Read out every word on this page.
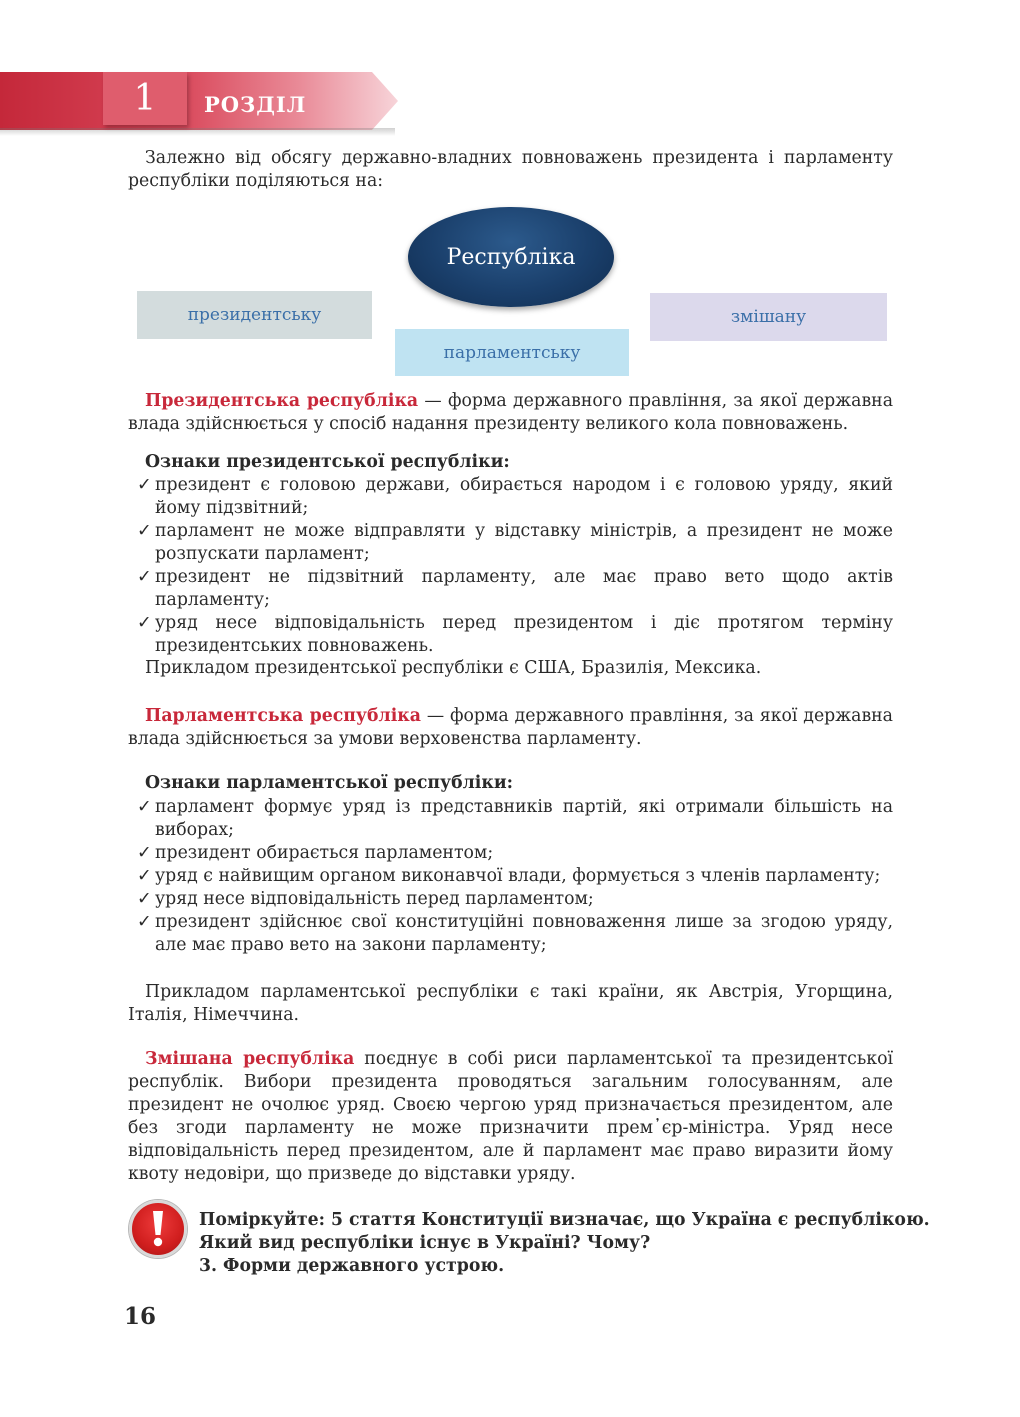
1	РОЗДІЛ

Залежно від обсягу державно-владних повноважень президента і парламенту республіки поділяються на:

Республіка
президентську
парламентську
змішану

Президентська республіка — форма державного правління, за якої державна влада здійснюється у спосіб надання президенту великого кола повноважень.

Ознаки президентської республіки:

✓ президент є головою держави, обирається народом і є головою уряду, який йому підзвітний;
✓ парламент не може відправляти у відставку міністрів, а президент не може розпускати парламент;
✓ президент не підзвітний парламенту, але має право вето щодо актів парламенту;
✓ уряд несе відповідальність перед президентом і діє протягом терміну президентських повноважень.

Прикладом президентської республіки є США, Бразилія, Мексика.

Парламентська республіка — форма державного правління, за якої державна влада здійснюється за умови верховенства парламенту.

Ознаки парламентської республіки:

✓ парламент формує уряд із представників партій, які отримали більшість на виборах;
✓ президент обирається парламентом;
✓ уряд є найвищим органом виконавчої влади, формується з членів парламенту;
✓ уряд несе відповідальність перед парламентом;
✓ президент здійснює свої конституційні повноваження лише за згодою уряду, але має право вето на закони парламенту;

Прикладом парламентської республіки є такі країни, як Австрія, Угорщина, Італія, Німеччина.

Змішана республіка поєднує в собі риси парламентської та президентської республік. Вибори президента проводяться загальним голосуванням, але президент не очолює уряд. Своєю чергою уряд призначається президентом, але без згоди парламенту не може призначити прем᾽єр-міністра. Уряд несе відповідальність перед президентом, але й парламент має право виразити йому квоту недовіри, що призведе до відставки уряду.

Поміркуйте: 5 стаття Конституції визначає, що Україна є республікою.
Який вид республіки існує в Україні? Чому?
3. Форми державного устрою.
16
